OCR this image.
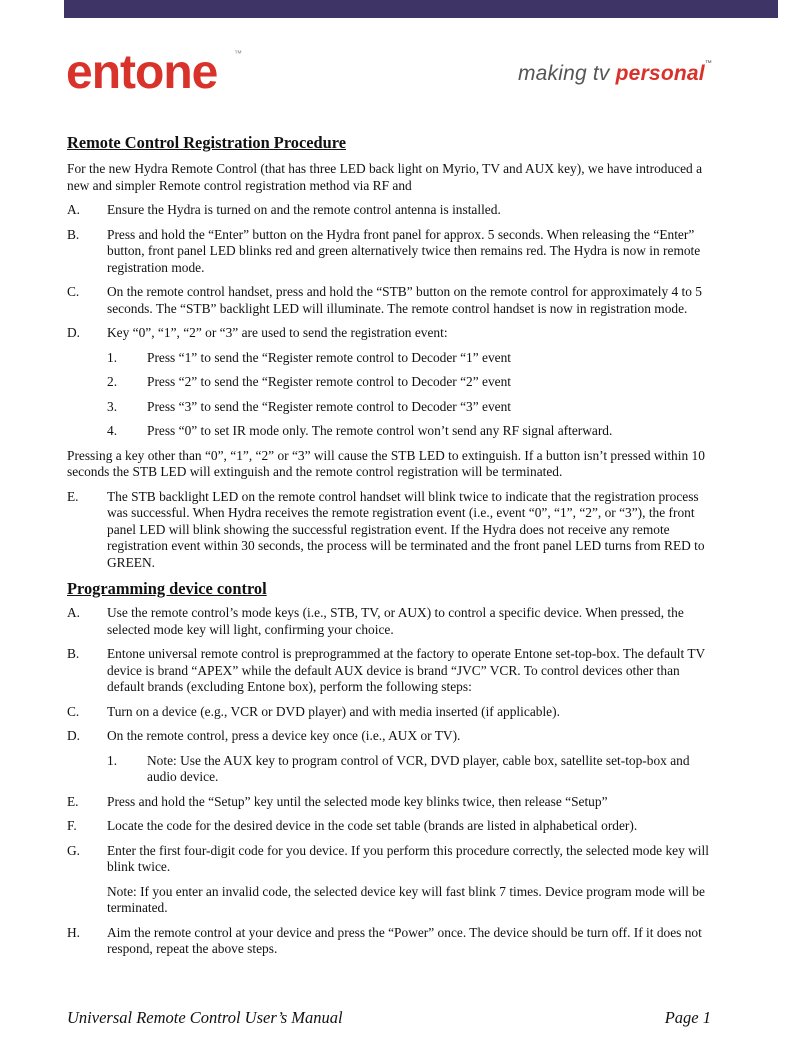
entone ™
making tv personal™
Remote Control Registration Procedure

For the new Hydra Remote Control (that has three LED back light on Myrio, TV and AUX key), we have introduced a new and simpler Remote control registration method via RF and

A.	Ensure the Hydra is turned on and the remote control antenna is installed.
B.	Press and hold the “Enter” button on the Hydra front panel for approx. 5 seconds. When releasing the “Enter” button, front panel LED blinks red and green alternatively twice then remains red. The Hydra is now in remote registration mode.
C.	On the remote control handset, press and hold the “STB” button on the remote control for approximately 4 to 5 seconds. The “STB” backlight LED will illuminate. The remote control handset is now in registration mode.
D.	Key “0”, “1”, “2” or “3” are used to send the registration event:
1.	Press “1” to send the “Register remote control to Decoder “1” event
2.	Press “2” to send the “Register remote control to Decoder “2” event
3.	Press “3” to send the “Register remote control to Decoder “3” event
4.	Press “0” to set IR mode only. The remote control won’t send any RF signal afterward.

Pressing a key other than “0”, “1”, “2” or “3” will cause the STB LED to extinguish. If a button isn’t pressed within 10 seconds the STB LED will extinguish and the remote control registration will be terminated.

E.	The STB backlight LED on the remote control handset will blink twice to indicate that the registration process was successful. When Hydra receives the remote registration event (i.e., event “0”, “1”, “2”, or “3”), the front panel LED will blink showing the successful registration event. If the Hydra does not receive any remote registration event within 30 seconds, the process will be terminated and the front panel LED turns from RED to GREEN.
Programming device control
A.	Use the remote control’s mode keys (i.e., STB, TV, or AUX) to control a specific device. When pressed, the selected mode key will light, confirming your choice.
B.	Entone universal remote control is preprogrammed at the factory to operate Entone set-top-box. The default TV device is brand “APEX” while the default AUX device is brand “JVC” VCR. To control devices other than default brands (excluding Entone box), perform the following steps:
C.	Turn on a device (e.g., VCR or DVD player) and with media inserted (if applicable).
D.	On the remote control, press a device key once (i.e., AUX or TV).
1.	Note: Use the AUX key to program control of VCR, DVD player, cable box, satellite set-top-box and audio device.
E.	Press and hold the “Setup” key until the selected mode key blinks twice, then release “Setup”
F.	Locate the code for the desired device in the code set table (brands are listed in alphabetical order).
G.	Enter the first four-digit code for you device. If you perform this procedure correctly, the selected mode key will blink twice.

Note: If you enter an invalid code, the selected device key will fast blink 7 times. Device program mode will be terminated.

H.	Aim the remote control at your device and press the “Power” once. The device should be turn off. If it does not respond, repeat the above steps.
Universal Remote Control User’s Manual	Page 1
